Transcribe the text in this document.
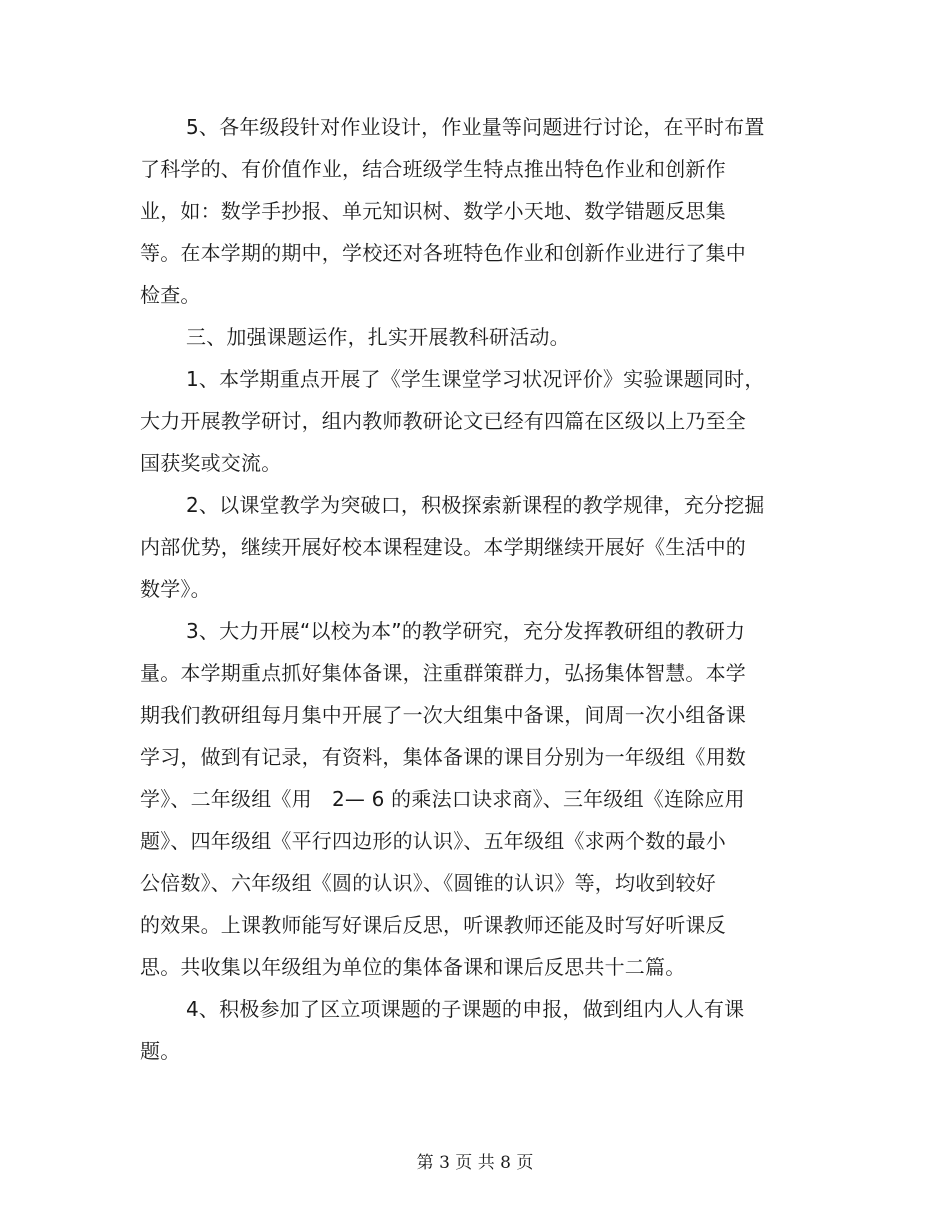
5、各年级段针对作业设计，作业量等问题进行讨论，在平时布置
了科学的、有价值作业，结合班级学生特点推出特色作业和创新作
业，如：数学手抄报、单元知识树、数学小天地、数学错题反思集
等。在本学期的期中，学校还对各班特色作业和创新作业进行了集中
检查。
三、加强课题运作，扎实开展教科研活动。
1、本学期重点开展了《学生课堂学习状况评价》实验课题同时，
大力开展教学研讨，组内教师教研论文已经有四篇在区级以上乃至全
国获奖或交流。
2、以课堂教学为突破口，积极探索新课程的教学规律，充分挖掘
内部优势，继续开展好校本课程建设。本学期继续开展好《生活中的
数学》。
3、大力开展“以校为本”的教学研究，充分发挥教研组的教研力
量。本学期重点抓好集体备课，注重群策群力，弘扬集体智慧。本学
期我们教研组每月集中开展了一次大组集中备课，间周一次小组备课
学习，做到有记录，有资料，集体备课的课目分别为一年级组《用数
学》、二年级组《用　2— 6 的乘法口诀求商》、三年级组《连除应用
题》、四年级组《平行四边形的认识》、五年级组《求两个数的最小
公倍数》、六年级组《圆的认识》、《圆锥的认识》等，均收到较好
的效果。上课教师能写好课后反思，听课教师还能及时写好听课反
思。共收集以年级组为单位的集体备课和课后反思共十二篇。
4、积极参加了区立项课题的子课题的申报，做到组内人人有课
题。
第 3 页 共 8 页
